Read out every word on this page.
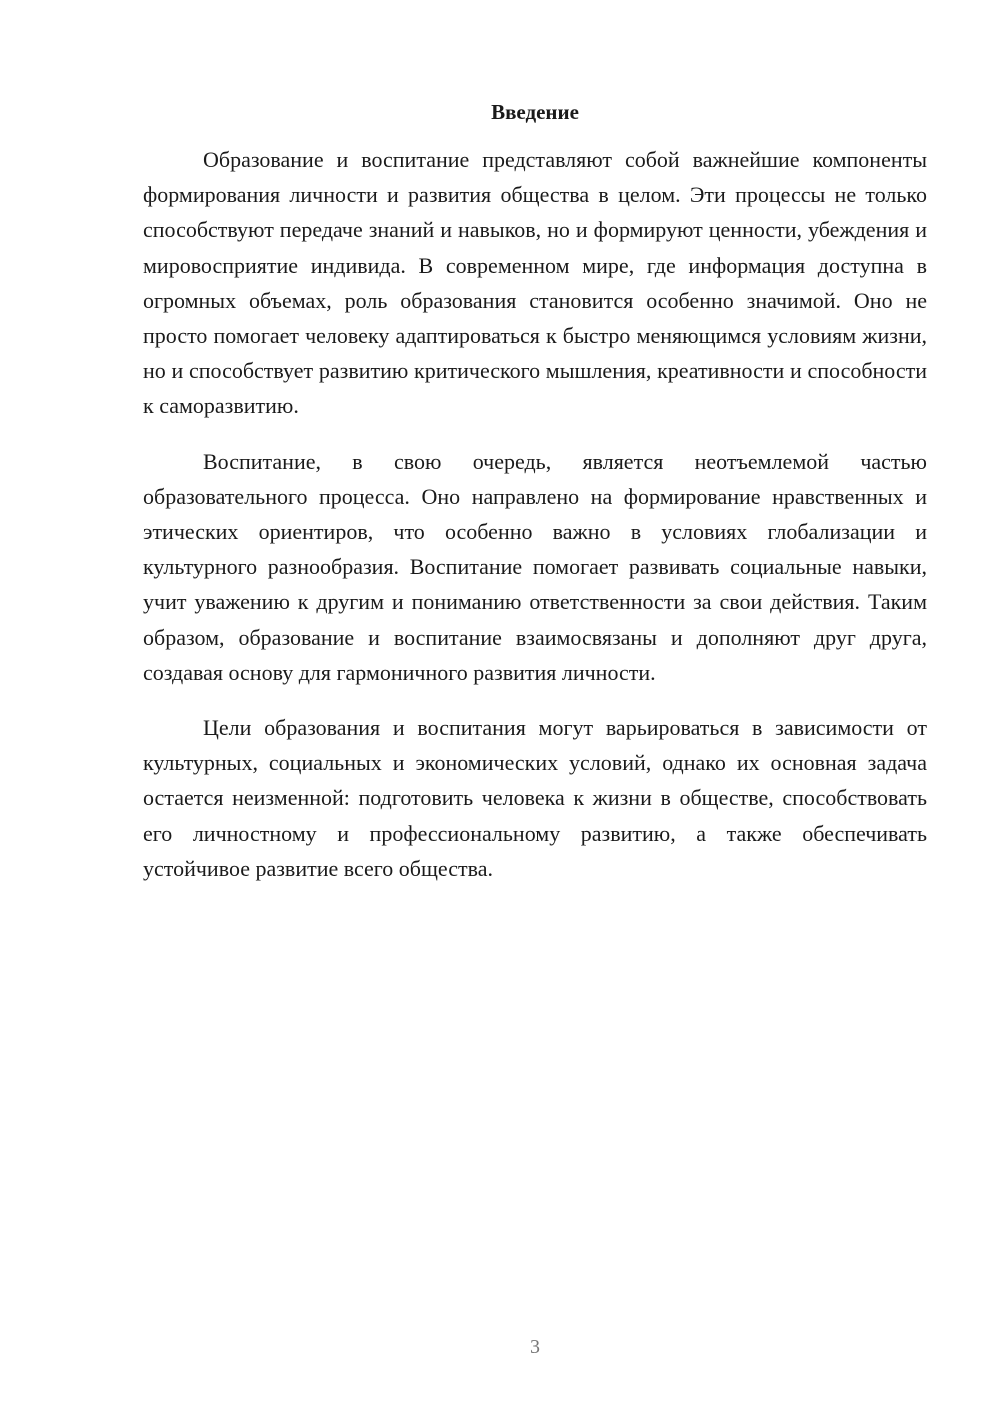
Введение

Образование и воспитание представляют собой важнейшие компоненты формирования личности и развития общества в целом. Эти процессы не только способствуют передаче знаний и навыков, но и формируют ценности, убеждения и мировосприятие индивида. В современном мире, где информация доступна в огромных объемах, роль образования становится особенно значимой. Оно не просто помогает человеку адаптироваться к быстро меняющимся условиям жизни, но и способствует развитию критического мышления, креативности и способности к саморазвитию.

Воспитание, в свою очередь, является неотъемлемой частью образовательного процесса. Оно направлено на формирование нравственных и этических ориентиров, что особенно важно в условиях глобализации и культурного разнообразия. Воспитание помогает развивать социальные навыки, учит уважению к другим и пониманию ответственности за свои действия. Таким образом, образование и воспитание взаимосвязаны и дополняют друг друга, создавая основу для гармоничного развития личности.

Цели образования и воспитания могут варьироваться в зависимости от культурных, социальных и экономических условий, однако их основная задача остается неизменной: подготовить человека к жизни в обществе, способствовать его личностному и профессиональному развитию, а также обеспечивать устойчивое развитие всего общества.

3
